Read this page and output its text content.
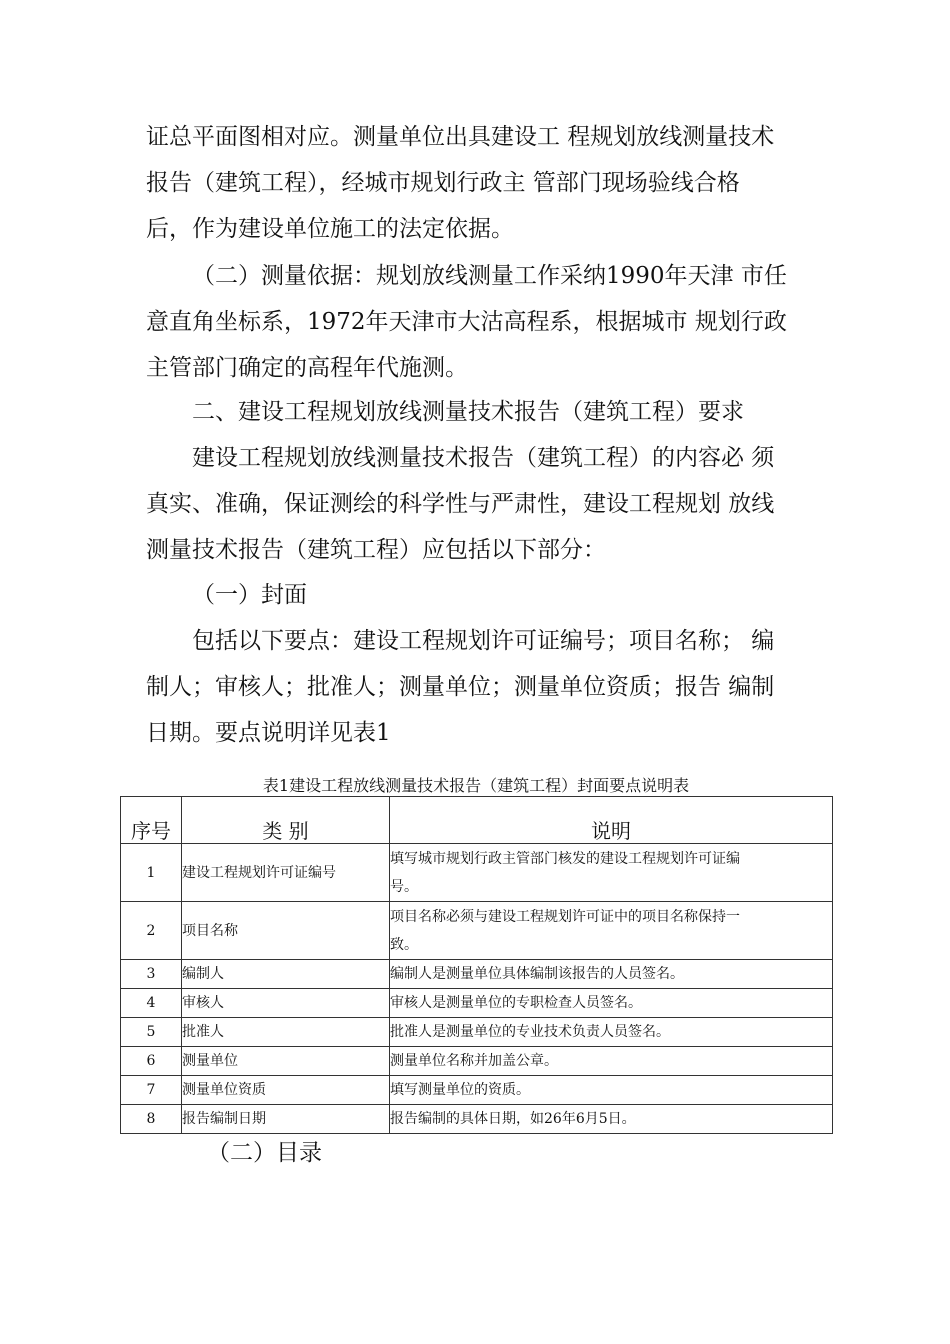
证总平面图相对应。测量单位出具建设工 程规划放线测量技术
报告（建筑工程），经城市规划行政主 管部门现场验线合格
后，作为建设单位施工的法定依据。

（二）测量依据：规划放线测量工作采纳1990年天津 市任
意直角坐标系，1972年天津市大沽高程系，根据城市 规划行政
主管部门确定的高程年代施测。

二、建设工程规划放线测量技术报告（建筑工程）要求

建设工程规划放线测量技术报告（建筑工程）的内容必 须
真实、准确，保证测绘的科学性与严肃性，建设工程规划 放线
测量技术报告（建筑工程）应包括以下部分：

（一）封面

包括以下要点：建设工程规划许可证编号；项目名称； 编
制人；审核人；批准人；测量单位；测量单位资质；报告 编制
日期。要点说明详见表1

表1建设工程放线测量技术报告（建筑工程）封面要点说明表

序号	类 别	说明
1	建设工程规划许可证编号	填写城市规划行政主管部门核发的建设工程规划许可证编
号。

2	项目名称	项目名称必须与建设工程规划许可证中的项目名称保持一
致。

3	编制人	编制人是测量单位具体编制该报告的人员签名。
4	审核人	审核人是测量单位的专职检查人员签名。
5	批准人	批准人是测量单位的专业技术负责人员签名。
6	测量单位	测量单位名称并加盖公章。
7	测量单位资质	填写测量单位的资质。
8	报告编制日期	报告编制的具体日期，如26年6月5日。

（二）目录
